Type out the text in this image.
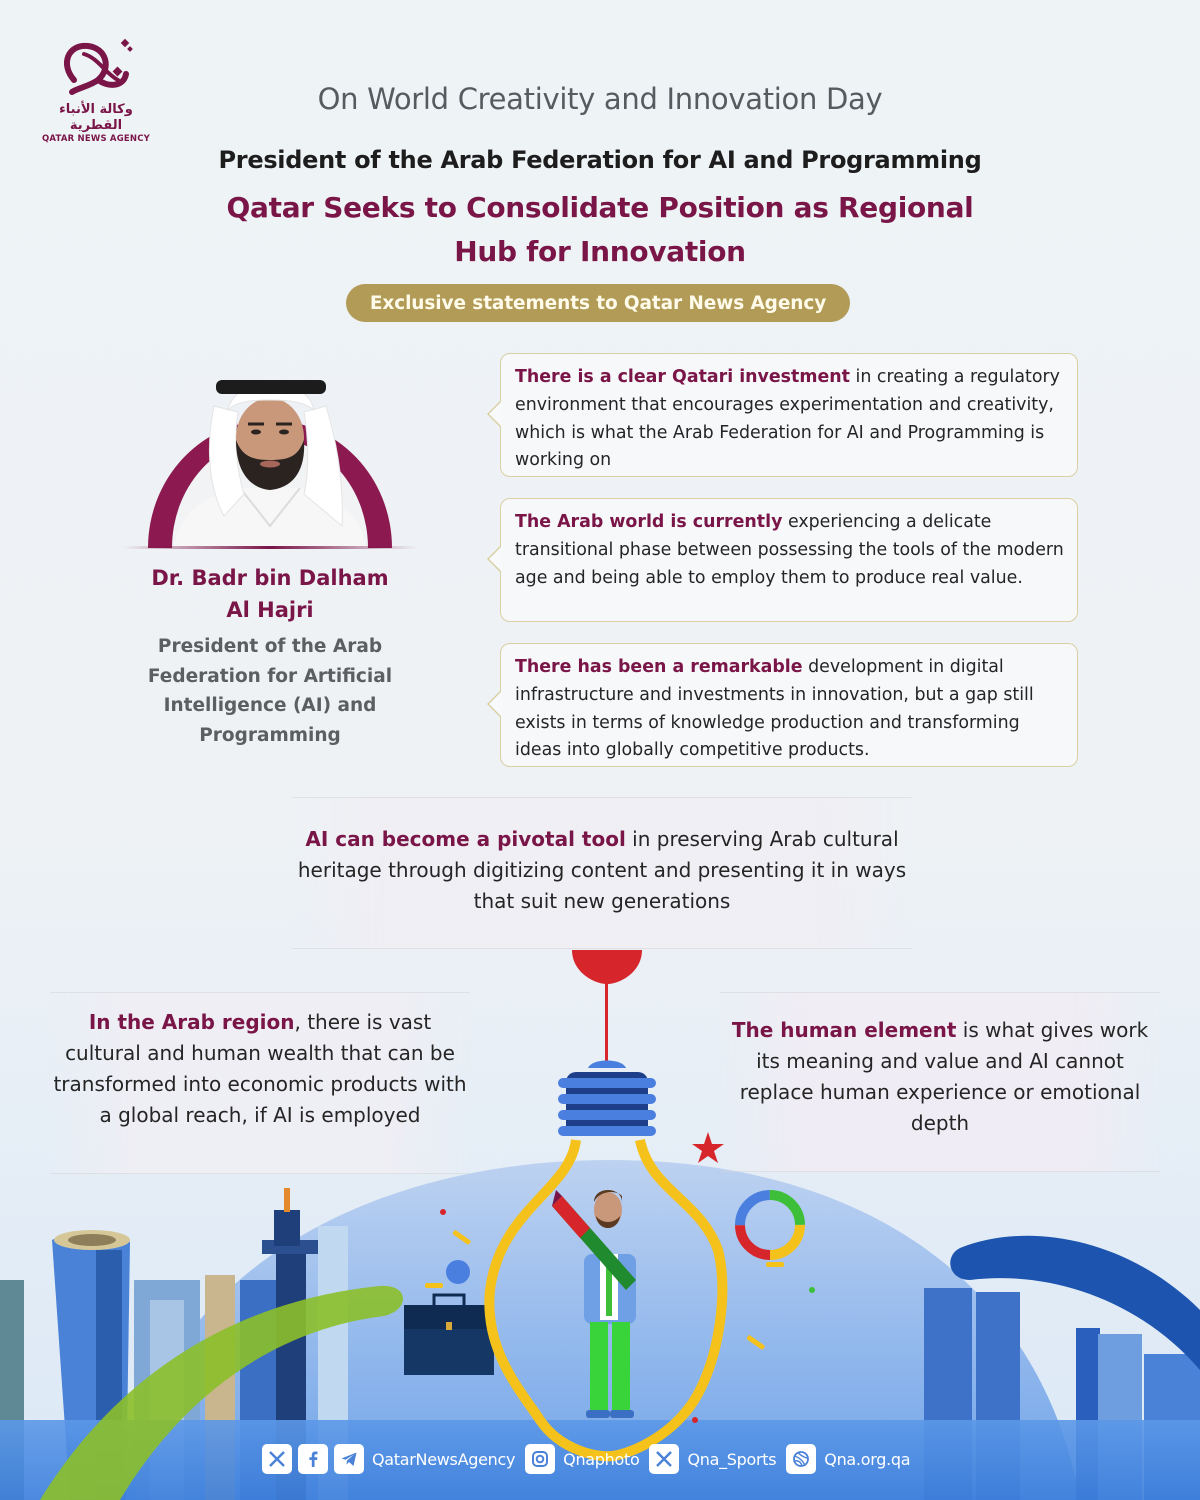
وكالة الأنباء القطرية
QATAR NEWS AGENCY
On World Creativity and Innovation Day
President of the Arab Federation for AI and Programming
Qatar Seeks to Consolidate Position as Regional
Hub for Innovation
Exclusive statements to Qatar News Agency
Dr. Badr bin Dalham
Al Hajri
President of the Arab
Federation for Artificial
Intelligence (AI) and
Programming
There is a clear Qatari investment in creating a regulatory environment that encourages experimentation and creativity, which is what the Arab Federation for AI and Programming is working on
The Arab world is currently experiencing a delicate transitional phase between possessing the tools of the modern age and being able to employ them to produce real value.
There has been a remarkable development in digital infrastructure and investments in innovation, but a gap still exists in terms of knowledge production and transforming ideas into globally competitive products.
AI can become a pivotal tool in preserving Arab cultural heritage through digitizing content and presenting it in ways that suit new generations
In the Arab region, there is vast cultural and human wealth that can be transformed into economic products with a global reach, if AI is employed
The human element is what gives work its meaning and value and AI cannot replace human experience or emotional depth
QatarNewsAgency	Qnaphoto	Qna_Sports	Qna.org.qa
